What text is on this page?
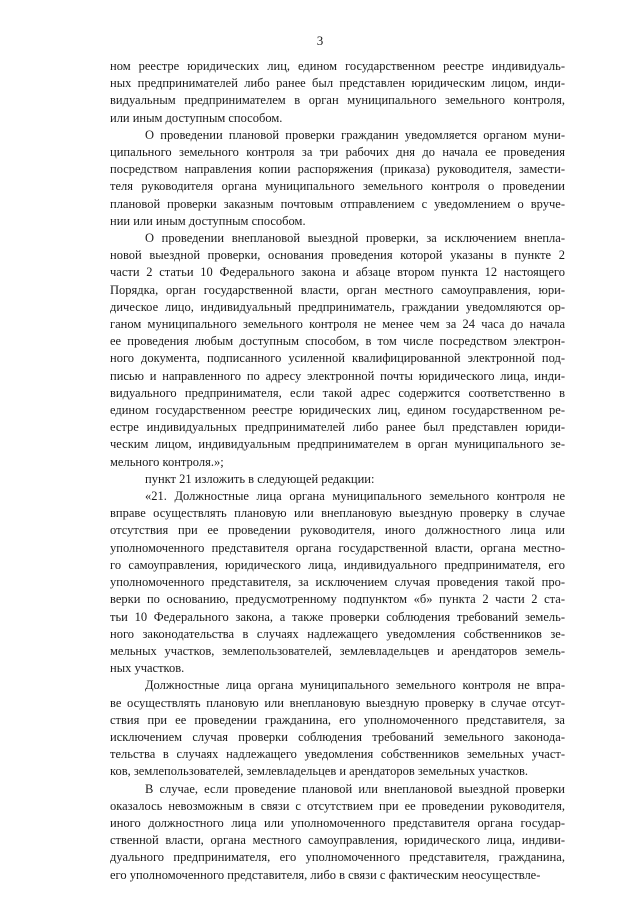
3
ном реестре юридических лиц, едином государственном реестре индивидуаль-
ных предпринимателей либо ранее был представлен юридическим лицом, инди-
видуальным предпринимателем в орган муниципального земельного контроля,
или иным доступным способом.
О проведении плановой проверки гражданин уведомляется органом муни-
ципального земельного контроля за три рабочих дня до начала ее проведения
посредством направления копии распоряжения (приказа) руководителя, замести-
теля руководителя органа муниципального земельного контроля о проведении
плановой проверки заказным почтовым отправлением с уведомлением о вруче-
нии или иным доступным способом.
О проведении внеплановой выездной проверки, за исключением внепла-
новой выездной проверки, основания проведения которой указаны в пункте 2
части 2 статьи 10 Федерального закона и абзаце втором пункта 12 настоящего
Порядка, орган государственной власти, орган местного самоуправления, юри-
дическое лицо, индивидуальный предприниматель, граждании уведомляются ор-
ганом муниципального земельного контроля не менее чем за 24 часа до начала
ее проведения любым доступным способом, в том числе посредством электрон-
ного документа, подписанного усиленной квалифицированной электронной под-
писью и направленного по адресу электронной почты юридического лица, инди-
видуального предпринимателя, если такой адрес содержится соответственно в
едином государственном реестре юридических лиц, едином государственном ре-
естре индивидуальных предпринимателей либо ранее был представлен юриди-
ческим лицом, индивидуальным предпринимателем в орган муниципального зе-
мельного контроля.»;
пункт 21 изложить в следующей редакции:
«21. Должностные лица органа муниципального земельного контроля не
вправе осуществлять плановую или внеплановую выездную проверку в случае
отсутствия при ее проведении руководителя, иного должностного лица или
уполномоченного представителя органа государственной власти, органа местно-
го самоуправления, юридического лица, индивидуального предпринимателя, его
уполномоченного представителя, за исключением случая проведения такой про-
верки по основанию, предусмотренному подпунктом «б» пункта 2 части 2 ста-
тьи 10 Федерального закона, а также проверки соблюдения требований земель-
ного законодательства в случаях надлежащего уведомления собственников зе-
мельных участков, землепользователей, землевладельцев и арендаторов земель-
ных участков.
Должностные лица органа муниципального земельного контроля не впра-
ве осуществлять плановую или внеплановую выездную проверку в случае отсут-
ствия при ее проведении гражданина, его уполномоченного представителя, за
исключением случая проверки соблюдения требований земельного законода-
тельства в случаях надлежащего уведомления собственников земельных участ-
ков, землепользователей, землевладельцев и арендаторов земельных участков.
В случае, если проведение плановой или внеплановой выездной проверки
оказалось невозможным в связи с отсутствием при ее проведении руководителя,
иного должностного лица или уполномоченного представителя органа государ-
ственной власти, органа местного самоуправления, юридического лица, индиви-
дуального предпринимателя, его уполномоченного представителя, гражданина,
его уполномоченного представителя, либо в связи с фактическим неосуществле-
